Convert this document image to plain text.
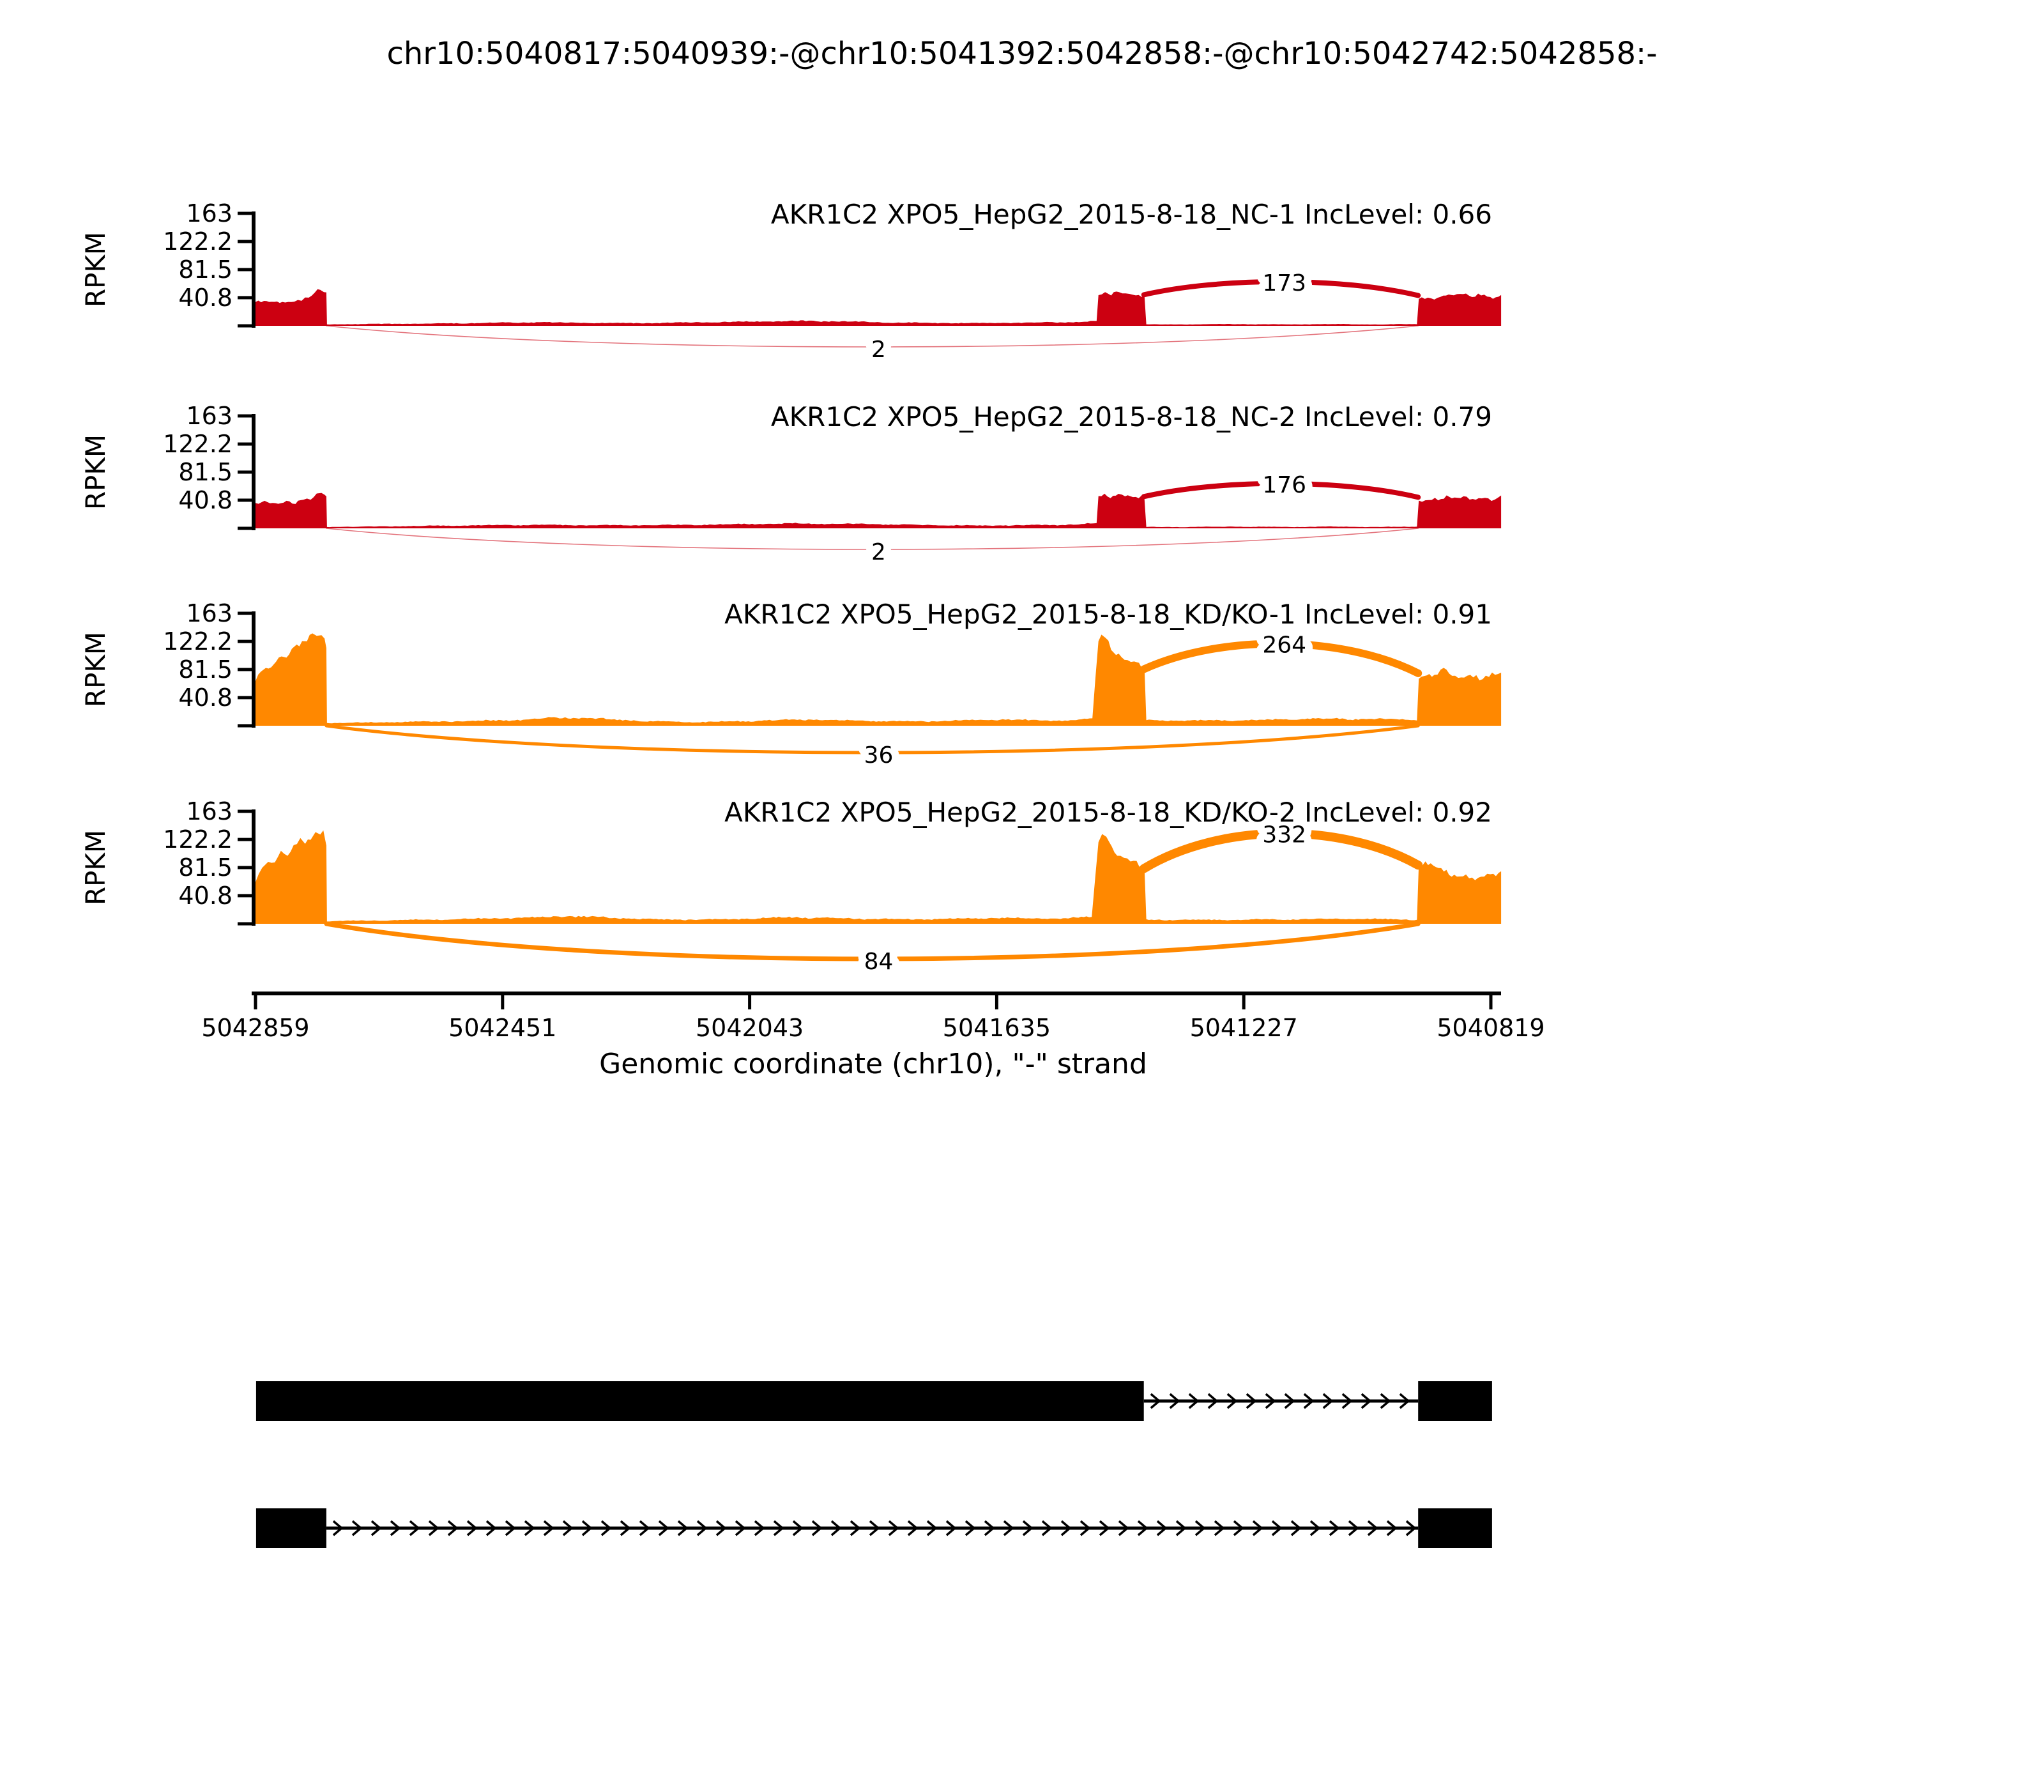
chr10:5040817:5040939:-@chr10:5041392:5042858:-@chr10:5042742:5042858:-
163
122.2
81.5
40.8
RPKM	173
2
AKR1C2 XPO5_HepG2_2015-8-18_NC-1 IncLevel: 0.66
163
122.2
81.5
40.8
RPKM	176
2
AKR1C2 XPO5_HepG2_2015-8-18_NC-2 IncLevel: 0.79
163
122.2
81.5
40.8
RPKM	264
36
AKR1C2 XPO5_HepG2_2015-8-18_KD/KO-1 IncLevel: 0.91
163
122.2
81.5
40.8
RPKM	332
84
AKR1C2 XPO5_HepG2_2015-8-18_KD/KO-2 IncLevel: 0.92
5042859	5042451	5042043	5041635	5041227	5040819
Genomic coordinate (chr10), "-" strand
